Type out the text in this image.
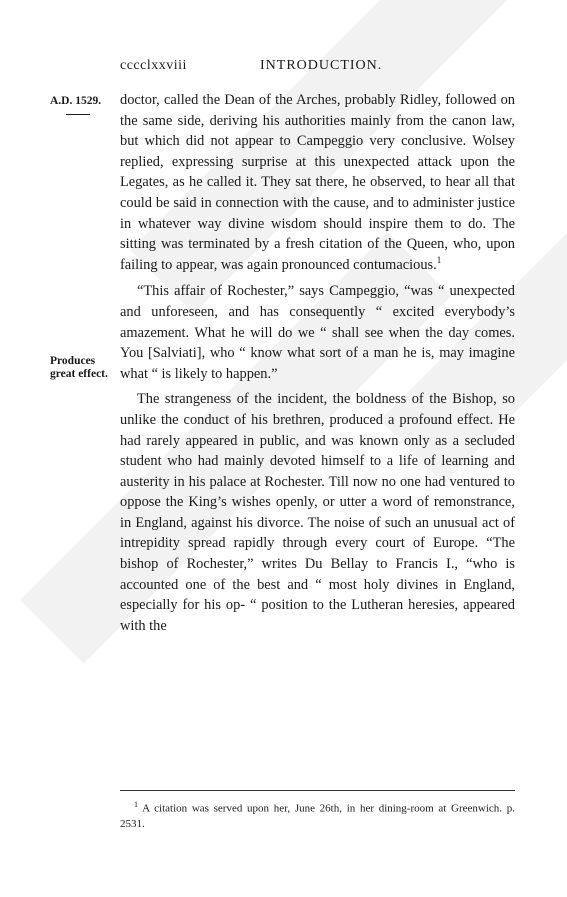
cccclxxviii	INTRODUCTION.
A.D. 1529.
Produces great effect.

doctor, called the Dean of the Arches, probably Ridley, followed on the same side, deriving his authorities mainly from the canon law, but which did not appear to Campeggio very conclusive. Wolsey replied, expressing surprise at this unexpected attack upon the Legates, as he called it. They sat there, he observed, to hear all that could be said in connection with the cause, and to administer justice in whatever way divine wisdom should inspire them to do. The sitting was terminated by a fresh citation of the Queen, who, upon failing to appear, was again pronounced contumacious.$^1$

“This affair of Rochester,” says Campeggio, “was “ unexpected and unforeseen, and has consequently “ excited everybody’s amazement. What he will do we “ shall see when the day comes. You [Salviati], who “ know what sort of a man he is, may imagine what “ is likely to happen.”

The strangeness of the incident, the boldness of the Bishop, so unlike the conduct of his brethren, produced a profound effect. He had rarely appeared in public, and was known only as a secluded student who had mainly devoted himself to a life of learning and austerity in his palace at Rochester. Till now no one had ventured to oppose the King’s wishes openly, or utter a word of remonstrance, in England, against his divorce. The noise of such an unusual act of intrepidity spread rapidly through every court of Europe. “The bishop of Rochester,” writes Du Bellay to Francis I., “who is accounted one of the best and “ most holy divines in England, especially for his op- “ position to the Lutheran heresies, appeared with the

$^1$ A citation was served upon her, June 26th, in her dining-room at Greenwich. p. 2531.
